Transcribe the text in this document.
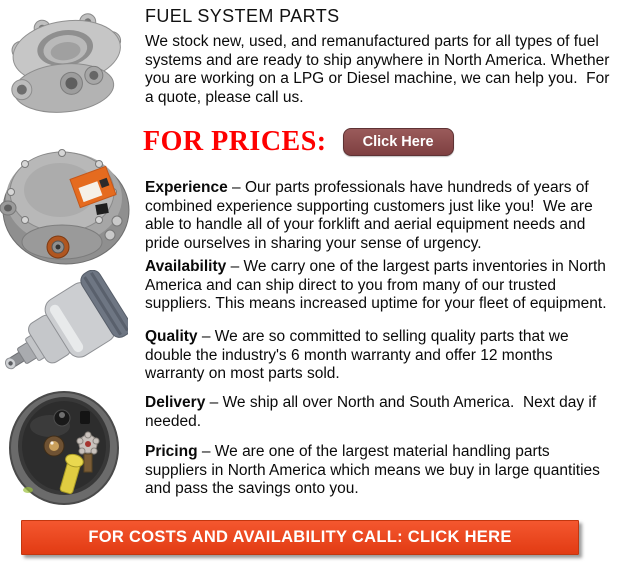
FUEL SYSTEM PARTS

We stock new, used, and remanufactured parts for all types of fuel systems and are ready to ship anywhere in North America. Whether you are working on a LPG or Diesel machine, we can help you.  For a quote, please call us.

FOR PRICES:	Click Here

Experience – Our parts professionals have hundreds of years of combined experience supporting customers just like you!  We are able to handle all of your forklift and aerial equipment needs and pride ourselves in sharing your sense of urgency.

Availability – We carry one of the largest parts inventories in North America and can ship direct to you from many of our trusted suppliers. This means increased uptime for your fleet of equipment.

Quality – We are so committed to selling quality parts that we double the industry's 6 month warranty and offer 12 months warranty on most parts sold.

Delivery – We ship all over North and South America.  Next day if needed.

Pricing – We are one of the largest material handling parts suppliers in North America which means we buy in large quantities and pass the savings onto you.

FOR COSTS AND AVAILABILITY CALL: CLICK HERE
